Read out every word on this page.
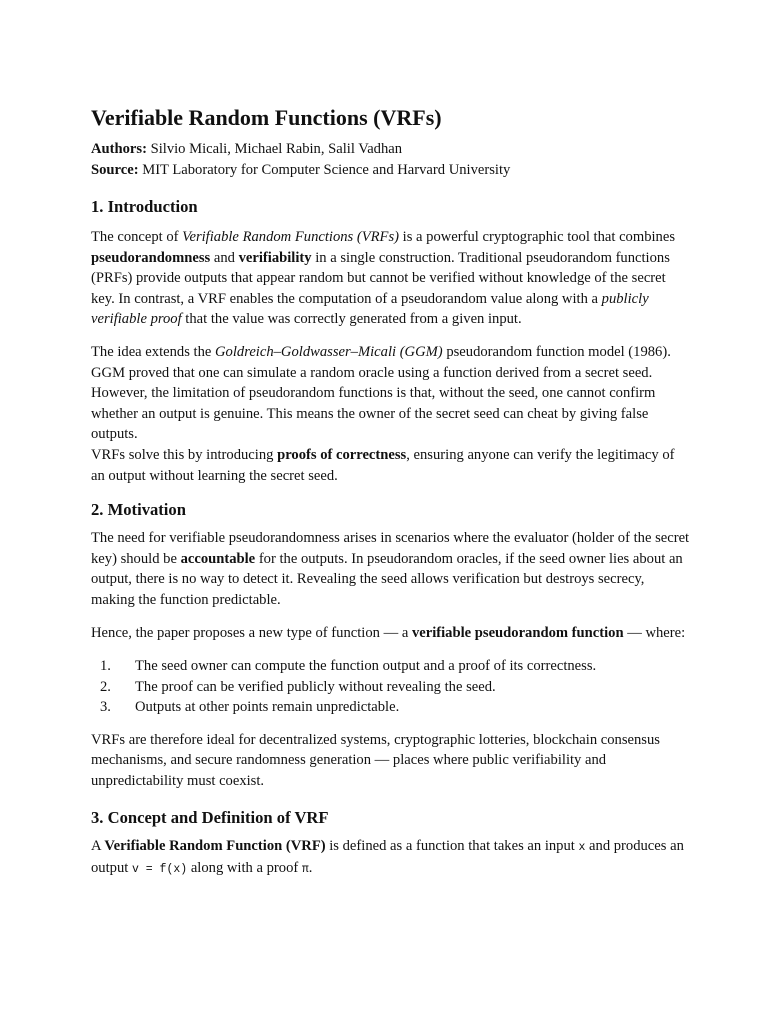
Verifiable Random Functions (VRFs)
Authors: Silvio Micali, Michael Rabin, Salil Vadhan
Source: MIT Laboratory for Computer Science and Harvard University
1. Introduction

The concept of Verifiable Random Functions (VRFs) is a powerful cryptographic tool that combines pseudorandomness and verifiability in a single construction. Traditional pseudorandom functions (PRFs) provide outputs that appear random but cannot be verified without knowledge of the secret key. In contrast, a VRF enables the computation of a pseudorandom value along with a publicly verifiable proof that the value was correctly generated from a given input.

The idea extends the Goldreich–Goldwasser–Micali (GGM) pseudorandom function model (1986). GGM proved that one can simulate a random oracle using a function derived from a secret seed. However, the limitation of pseudorandom functions is that, without the seed, one cannot confirm whether an output is genuine. This means the owner of the secret seed can cheat by giving false outputs.
VRFs solve this by introducing proofs of correctness, ensuring anyone can verify the legitimacy of an output without learning the secret seed.

2. Motivation

The need for verifiable pseudorandomness arises in scenarios where the evaluator (holder of the secret key) should be accountable for the outputs. In pseudorandom oracles, if the seed owner lies about an output, there is no way to detect it. Revealing the seed allows verification but destroys secrecy, making the function predictable.

Hence, the paper proposes a new type of function — a verifiable pseudorandom function — where:

1. The seed owner can compute the function output and a proof of its correctness.
2. The proof can be verified publicly without revealing the seed.
3. Outputs at other points remain unpredictable.

VRFs are therefore ideal for decentralized systems, cryptographic lotteries, blockchain consensus mechanisms, and secure randomness generation — places where public verifiability and unpredictability must coexist.

3. Concept and Definition of VRF

A Verifiable Random Function (VRF) is defined as a function that takes an input x and produces an output v = f(x) along with a proof π.
